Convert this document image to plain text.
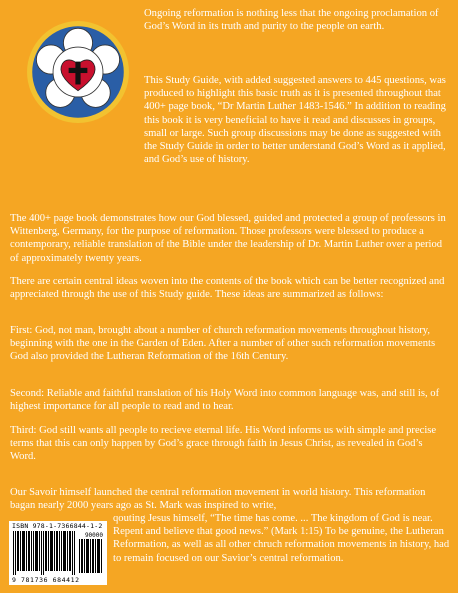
Ongoing reformation is nothing less that the ongoing proclamation of God’s Word in its truth and purity to the people on earth.

This Study Guide, with added suggested answers to 445 questions, was produced to highlight this basic truth as it is presented throughout that 400+ page book, “Dr Martin Luther 1483-1546.” In addition to reading this book it is very beneficial to have it read and discusses in groups, small or large. Such group discussions may be done as suggested with the Study Guide in order to better understand God’s Word as it applied, and God’s use of history.

The 400+ page book demonstrates how our God blessed, guided and protected a group of professors in Wittenberg, Germany, for the purpose of reformation. Those professors were blessed to produce a contemporary, reliable translation of the Bible under the leadership of Dr. Martin Luther over a period of approximately twenty years.

There are certain central ideas woven into the contents of the book which can be better recognized and appreciated through the use of this Study guide. These ideas are summarized as follows:

First: God, not man, brought about a number of church reformation movements throughout history, beginning with the one in the Garden of Eden. After a number of other such reformation movements God also provided the Lutheran Reformation of the 16th Century.

Second: Reliable and faithful translation of his Holy Word into common language was, and still is, of highest importance for all people to read and to hear.

Third: God still wants all people to recieve eternal life. His Word informs us with simple and precise terms that this can only happen by God’s grace through faith in Jesus Christ, as revealed in God’s Word.

Our Savoir himself launched the central reformation movement in world history. This reformation bagan nearly 2000 years ago as St. Mark was inspired to write,

qouting Jesus himself, “The time has come. ... The kingdom of God is near. Repent and believe that good news.” (Mark 1:15) To be genuine, the Lutheran Reformation, as well as all other chruch reformation movements in history, had to remain focused on our Savior’s central reformation.

ISBN 978-1-7366844-1-2
90000
9 781736 684412
